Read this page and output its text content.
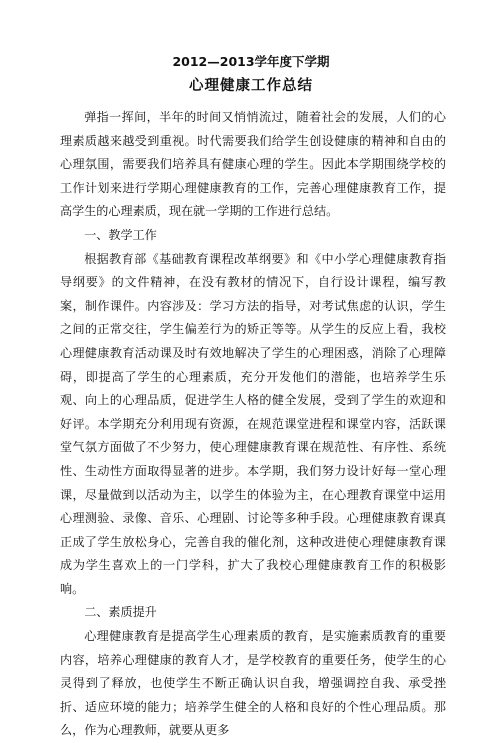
2012—2013学年度下学期
心理健康工作总结

弹指一挥间，半年的时间又悄悄流过，随着社会的发展，人们的心理素质越来越受到重视。时代需要我们给学生创设健康的精神和自由的心理氛围，需要我们培养具有健康心理的学生。因此本学期围绕学校的工作计划来进行学期心理健康教育的工作，完善心理健康教育工作，提高学生的心理素质，现在就一学期的工作进行总结。

一、教学工作

根据教育部《基础教育课程改革纲要》和《中小学心理健康教育指导纲要》的文件精神，在没有教材的情况下，自行设计课程，编写教案，制作课件。内容涉及：学习方法的指导，对考试焦虑的认识，学生之间的正常交往，学生偏差行为的矫正等等。从学生的反应上看，我校心理健康教育活动课及时有效地解决了学生的心理困惑，消除了心理障碍，即提高了学生的心理素质，充分开发他们的潜能，也培养学生乐观、向上的心理品质，促进学生人格的健全发展，受到了学生的欢迎和好评。本学期充分利用现有资源，在规范课堂进程和课堂内容，活跃课堂气氛方面做了不少努力，使心理健康教育课在规范性、有序性、系统性、生动性方面取得显著的进步。本学期，我们努力设计好每一堂心理课，尽量做到以活动为主，以学生的体验为主，在心理教育课堂中运用心理测验、录像、音乐、心理剧、讨论等多种手段。心理健康教育课真正成了学生放松身心，完善自我的催化剂，这种改进使心理健康教育课成为学生喜欢上的一门学科，扩大了我校心理健康教育工作的积极影响。

二、素质提升

心理健康教育是提高学生心理素质的教育，是实施素质教育的重要内容，培养心理健康的教育人才，是学校教育的重要任务，使学生的心灵得到了释放，也使学生不断正确认识自我，增强调控自我、承受挫折、适应环境的能力；培养学生健全的人格和良好的个性心理品质。那么，作为心理教师，就要从更多
